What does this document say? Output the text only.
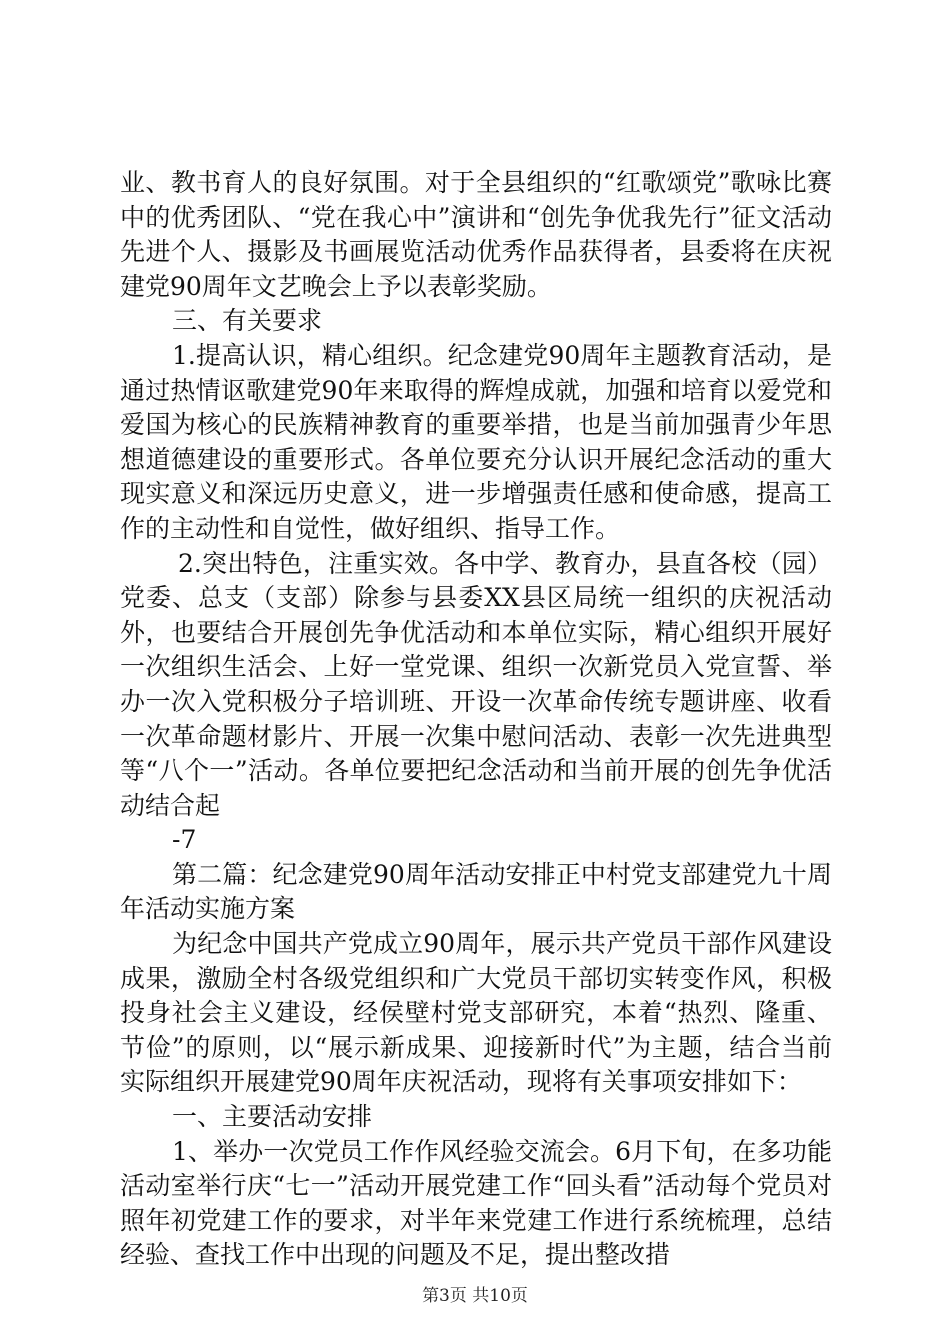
业、教书育人的良好氛围。对于全县组织的“红歌颂党”歌咏比赛中的优秀团队、“党在我心中”演讲和“创先争优我先行”征文活动先进个人、摄影及书画展览活动优秀作品获得者，县委将在庆祝建党90周年文艺晚会上予以表彰奖励。

三、有关要求

1.提高认识，精心组织。纪念建党90周年主题教育活动，是通过热情讴歌建党90年来取得的辉煌成就，加强和培育以爱党和爱国为核心的民族精神教育的重要举措，也是当前加强青少年思想道德建设的重要形式。各单位要充分认识开展纪念活动的重大现实意义和深远历史意义，进一步增强责任感和使命感，提高工作的主动性和自觉性，做好组织、指导工作。

2.突出特色，注重实效。各中学、教育办，县直各校（园）党委、总支（支部）除参与县委XX县区局统一组织的庆祝活动外，也要结合开展创先争优活动和本单位实际，精心组织开展好一次组织生活会、上好一堂党课、组织一次新党员入党宣誓、举办一次入党积极分子培训班、开设一次革命传统专题讲座、收看一次革命题材影片、开展一次集中慰问活动、表彰一次先进典型等“八个一”活动。各单位要把纪念活动和当前开展的创先争优活动结合起

-7

第二篇：纪念建党90周年活动安排正中村党支部建党九十周年活动实施方案

为纪念中国共产党成立90周年，展示共产党员干部作风建设成果，激励全村各级党组织和广大党员干部切实转变作风，积极投身社会主义建设，经侯壁村党支部研究，本着“热烈、隆重、节俭”的原则，以“展示新成果、迎接新时代”为主题，结合当前实际组织开展建党90周年庆祝活动，现将有关事项安排如下：

一、主要活动安排

1、举办一次党员工作作风经验交流会。6月下旬，在多功能活动室举行庆“七一”活动开展党建工作“回头看”活动每个党员对照年初党建工作的要求，对半年来党建工作进行系统梳理，总结经验、查找工作中出现的问题及不足，提出整改措

第3页 共10页
